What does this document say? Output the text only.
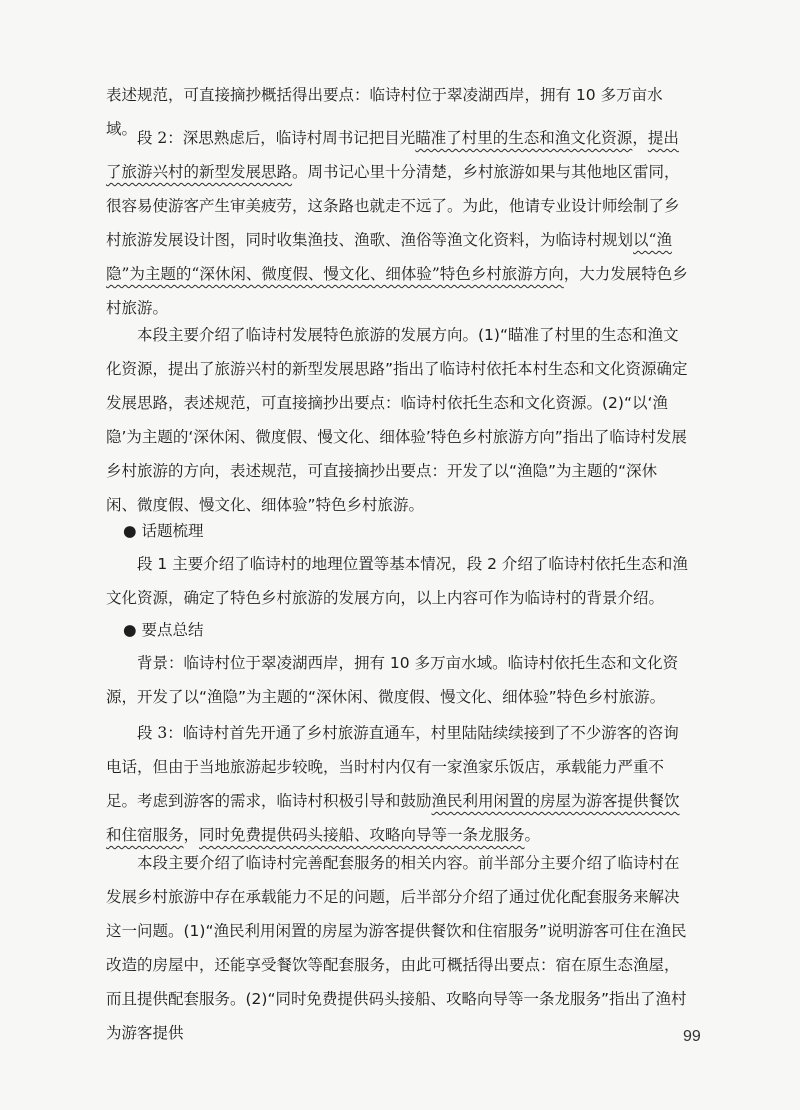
表述规范，可直接摘抄概括得出要点：临诗村位于翠凌湖西岸，拥有 10 多万亩水域。 段 2：深思熟虑后，临诗村周书记把目光瞄准了村里的生态和渔文化资源，提出了旅游兴村的新型发展思路。周书记心里十分清楚，乡村旅游如果与其他地区雷同，很容易使游客产生审美疲劳，这条路也就走不远了。为此，他请专业设计师绘制了乡村旅游发展设计图，同时收集渔技、渔歌、渔俗等渔文化资料，为临诗村规划以“渔隐”为主题的“深休闲、微度假、慢文化、细体验”特色乡村旅游方向，大力发展特色乡村旅游。

本段主要介绍了临诗村发展特色旅游的发展方向。(1)“瞄准了村里的生态和渔文化资源，提出了旅游兴村的新型发展思路”指出了临诗村依托本村生态和文化资源确定发展思路，表述规范，可直接摘抄出要点：临诗村依托生态和文化资源。(2)“以‘渔隐’为主题的‘深休闲、微度假、慢文化、细体验’特色乡村旅游方向”指出了临诗村发展乡村旅游的方向，表述规范，可直接摘抄出要点：开发了以“渔隐”为主题的“深休闲、微度假、慢文化、细体验”特色乡村旅游。

● 话题梳理

段 1 主要介绍了临诗村的地理位置等基本情况，段 2 介绍了临诗村依托生态和渔文化资源，确定了特色乡村旅游的发展方向，以上内容可作为临诗村的背景介绍。

● 要点总结

背景：临诗村位于翠凌湖西岸，拥有 10 多万亩水域。临诗村依托生态和文化资源，开发了以“渔隐”为主题的“深休闲、微度假、慢文化、细体验”特色乡村旅游。

段 3：临诗村首先开通了乡村旅游直通车，村里陆陆续续接到了不少游客的咨询电话，但由于当地旅游起步较晚，当时村内仅有一家渔家乐饭店，承载能力严重不足。考虑到游客的需求，临诗村积极引导和鼓励渔民利用闲置的房屋为游客提供餐饮和住宿服务，同时免费提供码头接船、攻略向导等一条龙服务。

本段主要介绍了临诗村完善配套服务的相关内容。前半部分主要介绍了临诗村在发展乡村旅游中存在承载能力不足的问题，后半部分介绍了通过优化配套服务来解决这一问题。(1)“渔民利用闲置的房屋为游客提供餐饮和住宿服务”说明游客可住在渔民改造的房屋中，还能享受餐饮等配套服务，由此可概括得出要点：宿在原生态渔屋，而且提供配套服务。(2)“同时免费提供码头接船、攻略向导等一条龙服务”指出了渔村为游客提供	99
